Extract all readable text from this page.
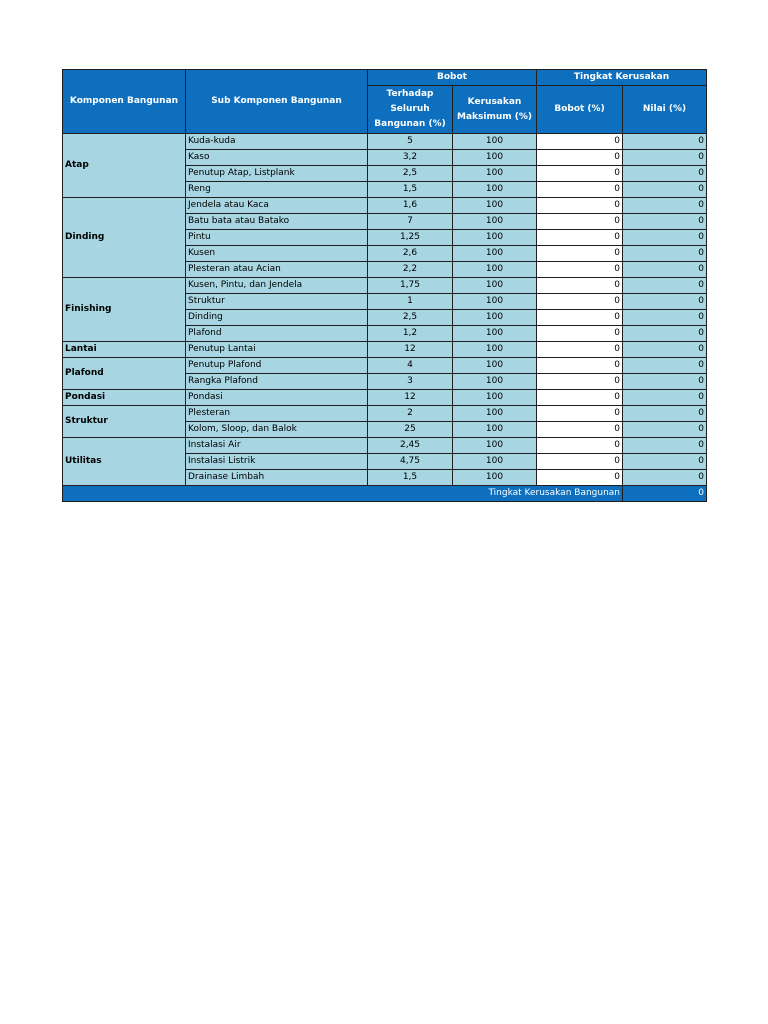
Komponen Bangunan	Sub Komponen Bangunan	Bobot		Tingkat Kerusakan	
		Terhadap Seluruh Bangunan (%)	Kerusakan Maksimum (%)	Bobot (%)	Nilai (%)
Atap	Kuda-kuda	5	100	0	0
	Kaso	3,2	100	0	0
	Penutup Atap, Listplank	2,5	100	0	0
	Reng	1,5	100	0	0
Dinding	Jendela atau Kaca	1,6	100	0	0
	Batu bata atau Batako	7	100	0	0
	Pintu	1,25	100	0	0
	Kusen	2,6	100	0	0
	Plesteran atau Acian	2,2	100	0	0
Finishing	Kusen, Pintu, dan Jendela	1,75	100	0	0
	Struktur	1	100	0	0
	Dinding	2,5	100	0	0
	Plafond	1,2	100	0	0
Lantai	Penutup Lantai	12	100	0	0
Plafond	Penutup Plafond	4	100	0	0
	Rangka Plafond	3	100	0	0
Pondasi	Pondasi	12	100	0	0
Struktur	Plesteran	2	100	0	0
	Kolom, Sloop, dan Balok	25	100	0	0
Utilitas	Instalasi Air	2,45	100	0	0
	Instalasi Listrik	4,75	100	0	0
	Drainase Limbah	1,5	100	0	0
Tingkat Kerusakan Bangunan					0
